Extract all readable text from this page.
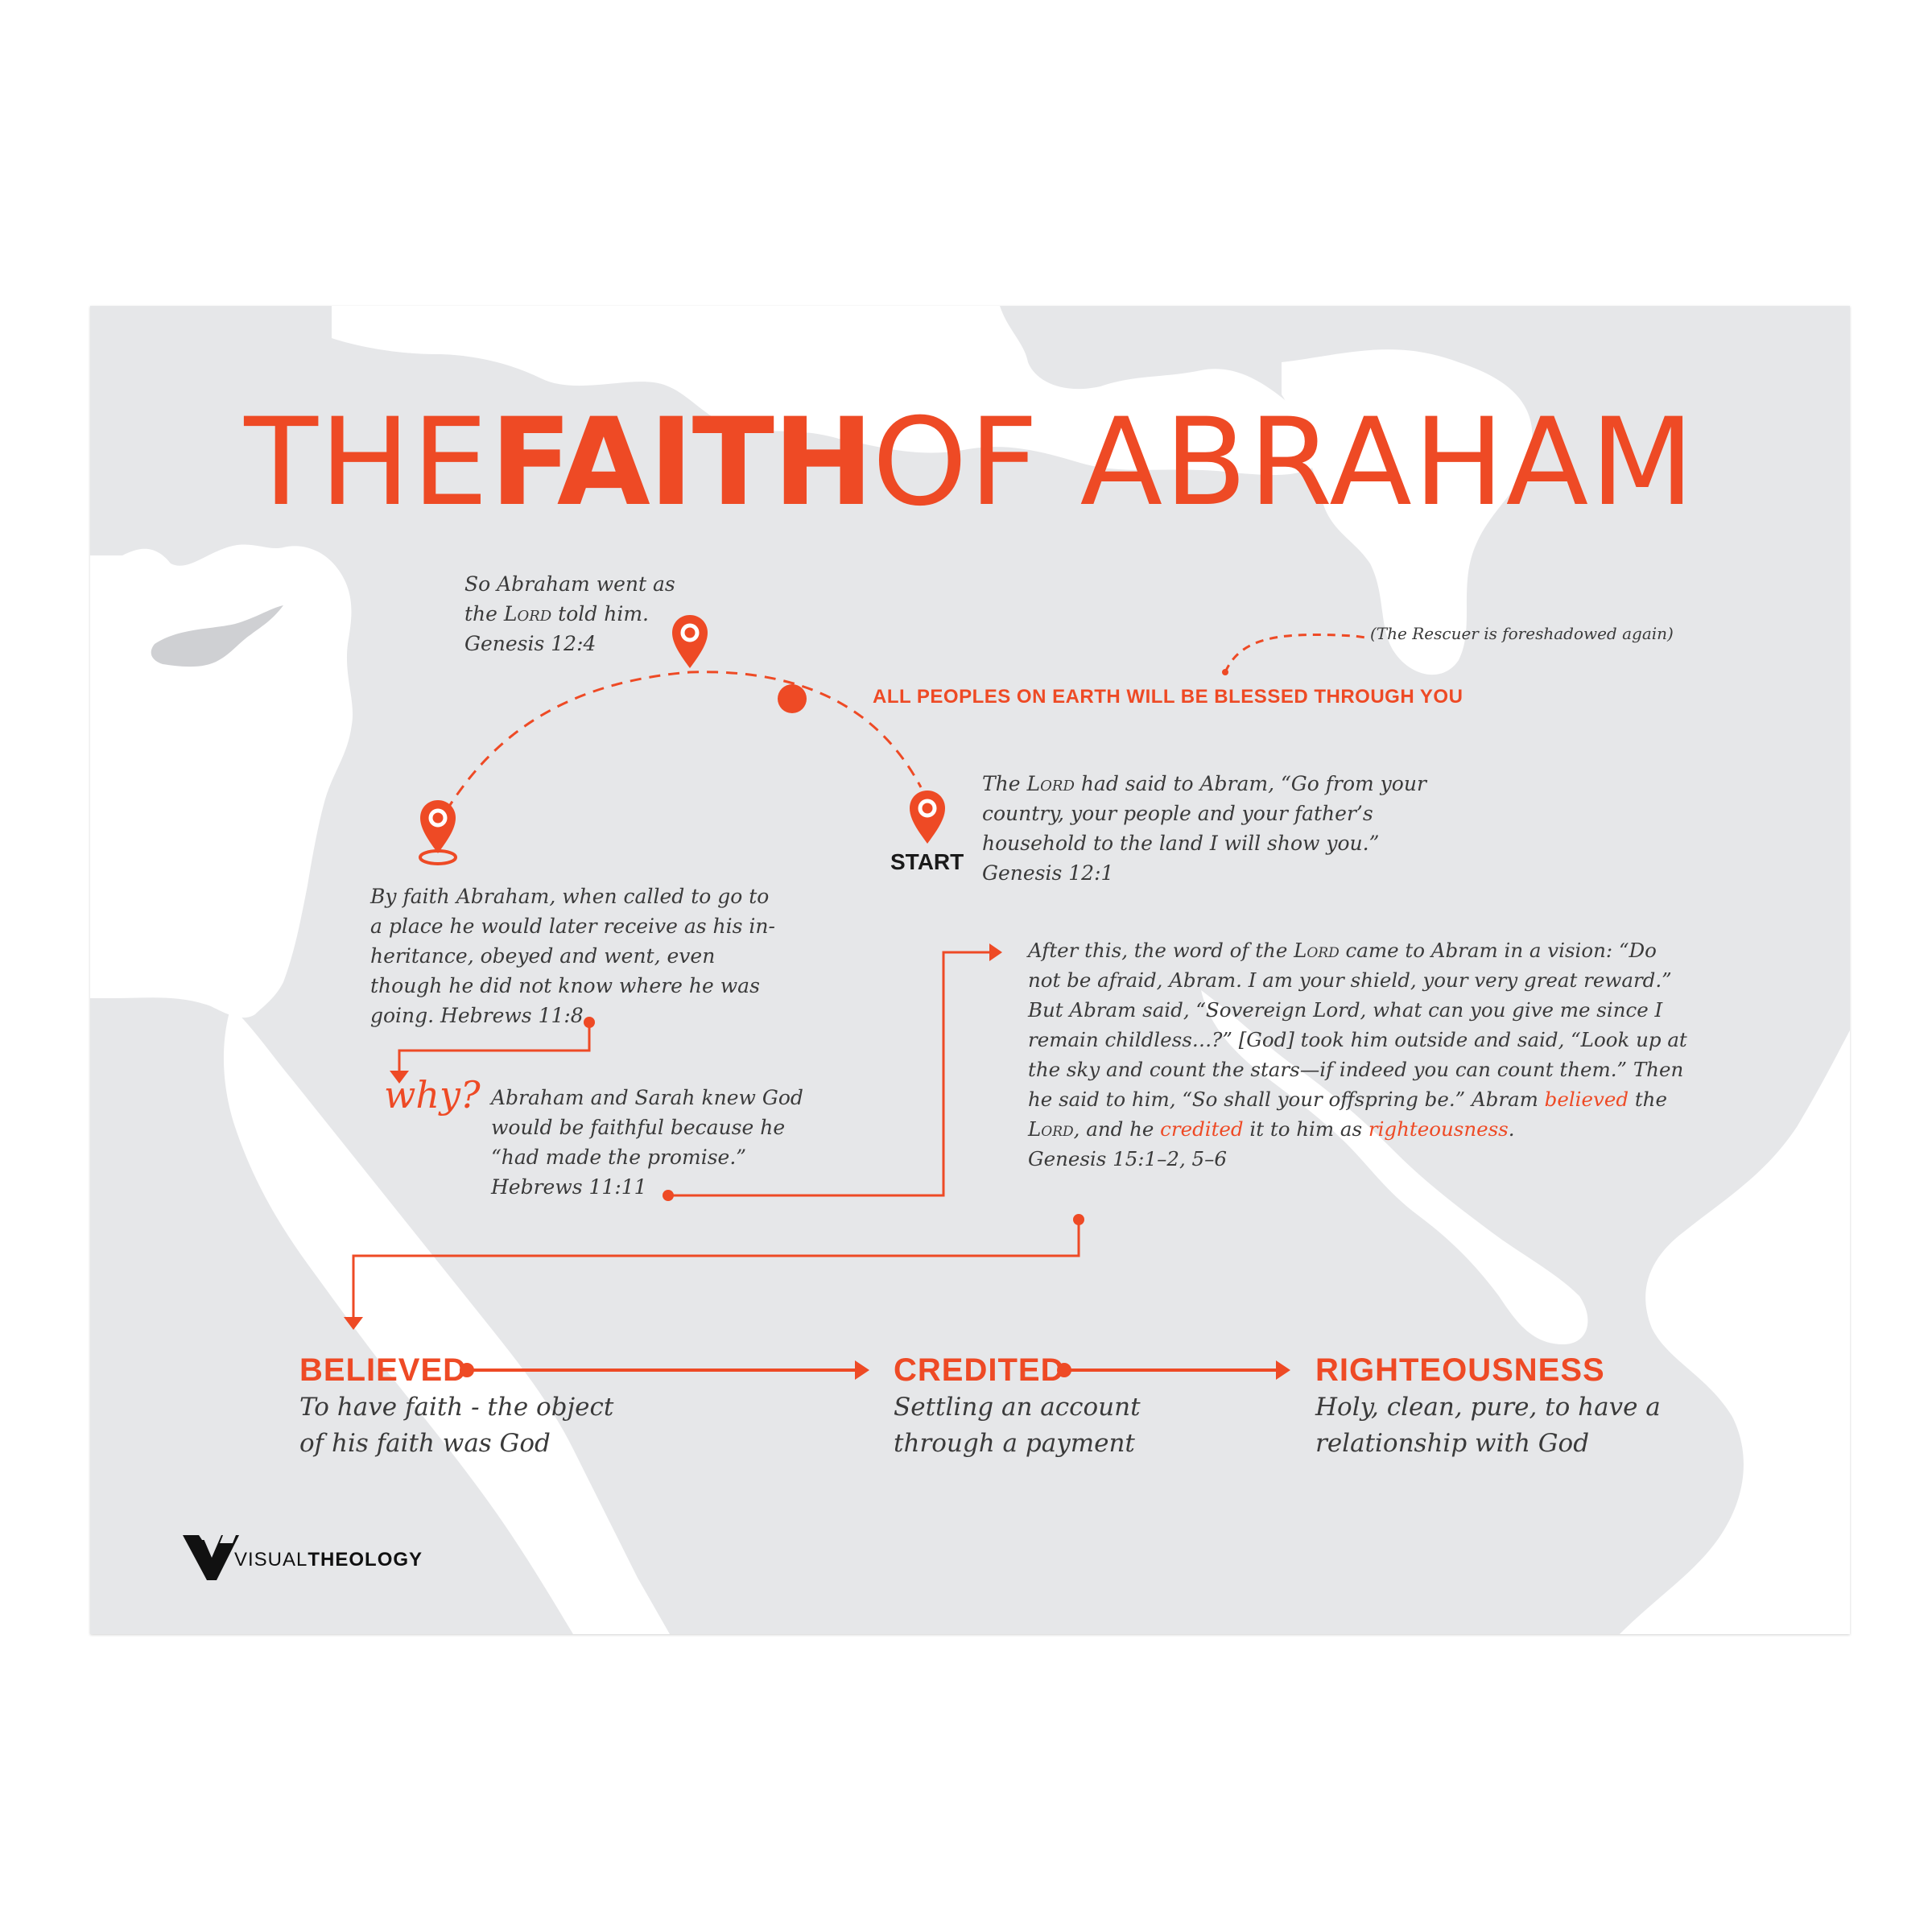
THEFAITHOF ABRAHAM
So Abraham went as
the Lord told him.
Genesis 12:4	(The Rescuer is foreshadowed again)
ALL PEOPLES ON EARTH WILL BE BLESSED THROUGH YOU
The Lord had said to Abram, “Go from your
country, your people and your father’s
household to the land I will show you.”
Genesis 12:1
START
By faith Abraham, when called to go to
a place he would later receive as his in-
heritance, obeyed and went, even
though he did not know where he was
going. Hebrews 11:8
why? Abraham and Sarah knew God
would be faithful because he
“had made the promise.”
Hebrews 11:11
After this, the word of the Lord came to Abram in a vision: “Do
not be afraid, Abram. I am your shield, your very great reward.”
But Abram said, “Sovereign Lord, what can you give me since I
remain childless…?” [God] took him outside and said, “Look up at
the sky and count the stars—if indeed you can count them.” Then
he said to him, “So shall your offspring be.” Abram believed the
Lord, and he credited it to him as righteousness.
Genesis 15:1–2, 5–6
BELIEVED
To have faith - the object
of his faith was God
CREDITED
Settling an account
through a payment
RIGHTEOUSNESS
Holy, clean, pure, to have a
relationship with God
VISUALTHEOLOGY
